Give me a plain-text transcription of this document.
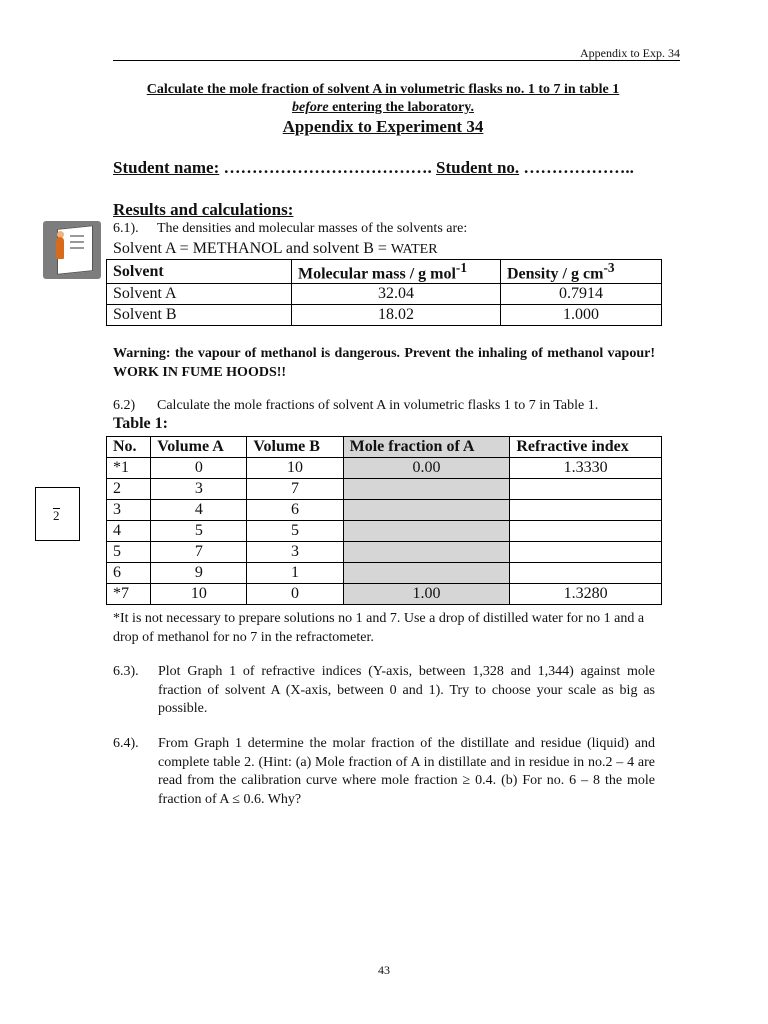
Appendix to Exp. 34
Calculate the mole fraction of solvent A in volumetric flasks no. 1 to 7 in table 1
before entering the laboratory.
Appendix to Experiment 34
Student name: ………………………………. Student no. ………………..
Results and calculations:
6.1). The densities and molecular masses of the solvents are:
Solvent A = METHANOL and solvent B = WATER
Solvent	Molecular mass / g mol$^{-1}$	Density / g $cm^{-3}$
Solvent A	32.04	0.7914
Solvent B	18.02	1.000
Warning: the vapour of methanol is dangerous. Prevent the inhaling of methanol vapour! WORK IN FUME HOODS!!
6.2) Calculate the mole fractions of solvent A in volumetric flasks 1 to 7 in Table 1.
Table 1:
No.	Volume A	Volume B	Mole fraction of A	Refractive index
*1	0	10	0.00	1.3330
2	3	7		
3	4	6		
4	5	5		
5	7	3		
6	9	1		
*7	10	0	1.00	1.3280
2
*It is not necessary to prepare solutions no 1 and 7. Use a drop of distilled water for no 1 and a drop of methanol for no 7 in the refractometer.
6.3). Plot Graph 1 of refractive indices (Y-axis, between 1,328 and 1,344) against mole fraction of solvent A (X-axis, between 0 and 1). Try to choose your scale as big as possible.
6.4). From Graph 1 determine the molar fraction of the distillate and residue (liquid) and complete table 2. (Hint: (a) Mole fraction of A in distillate and in residue in no.2 – 4 are read from the calibration curve where mole fraction ≥ 0.4. (b) For no. 6 – 8 the mole fraction of A ≤ 0.6. Why?
43
